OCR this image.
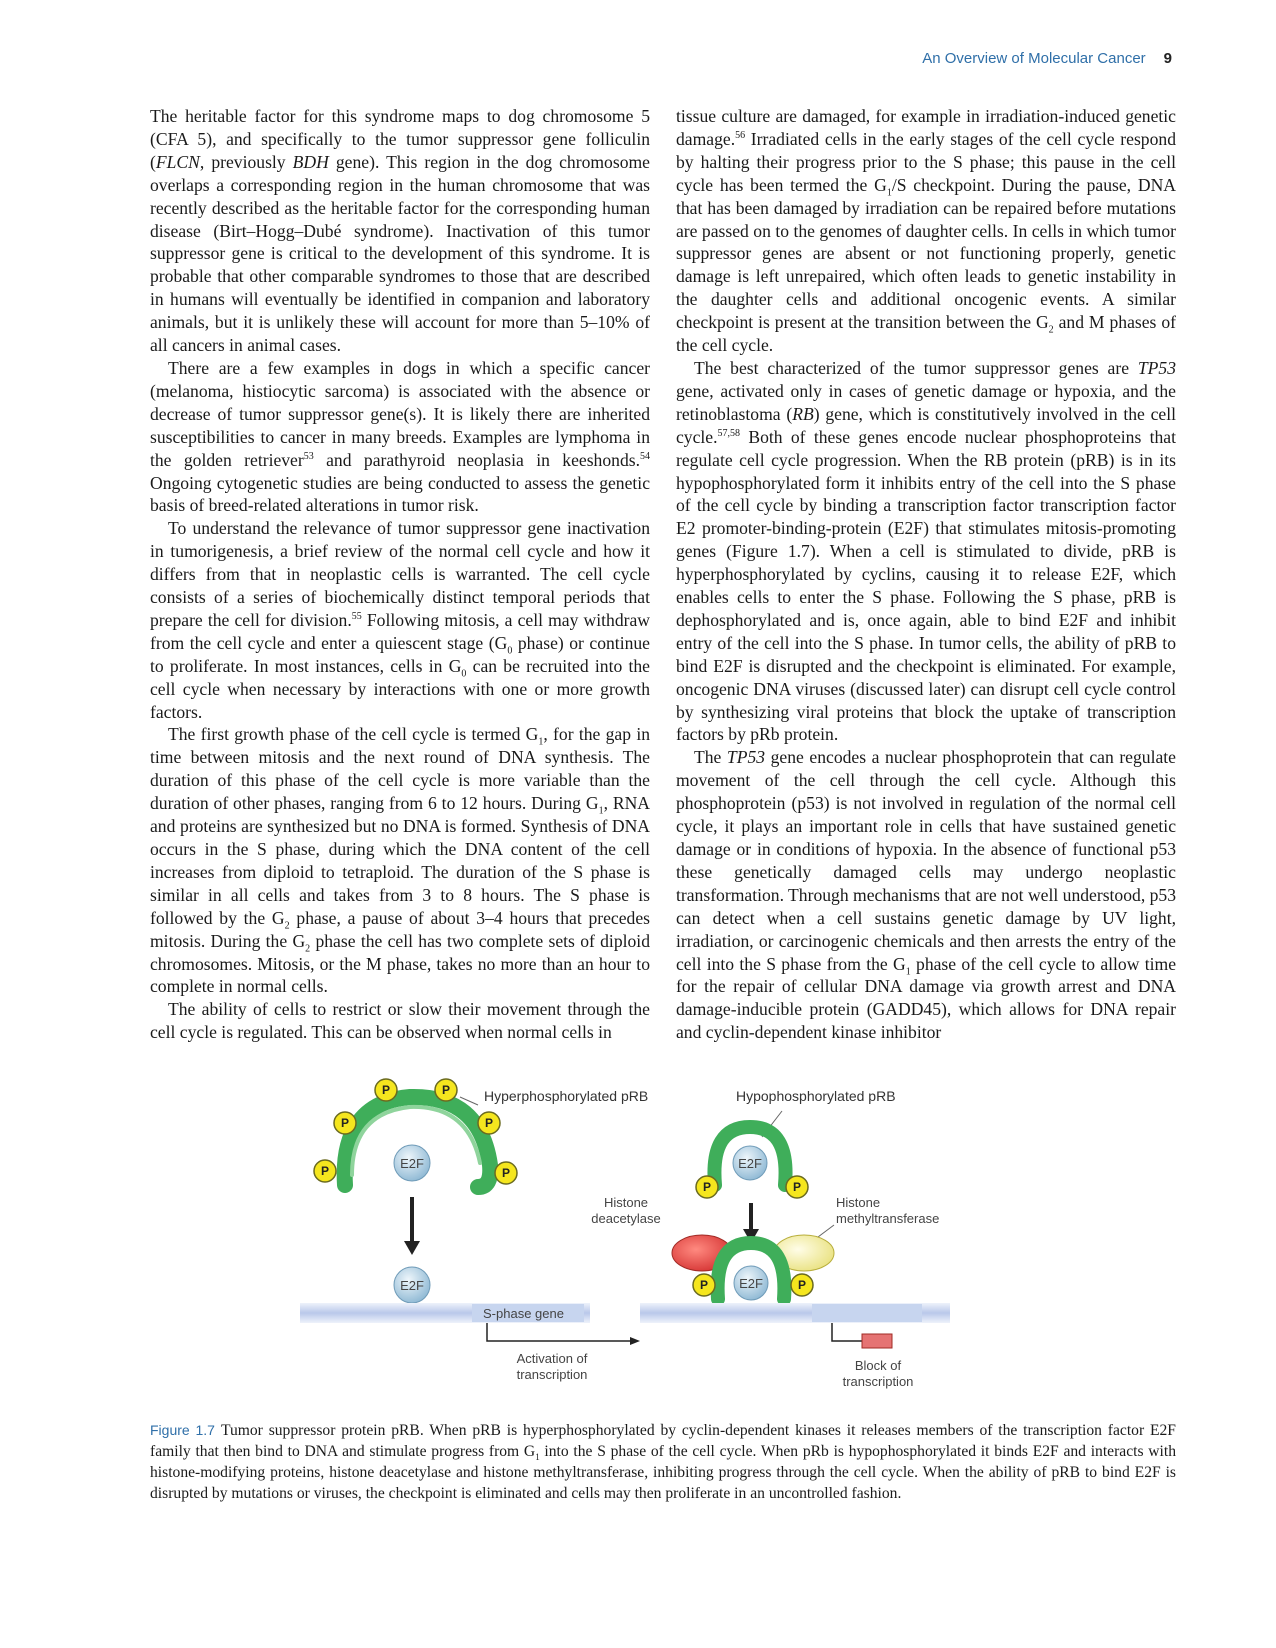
An Overview of Molecular Cancer 9

The heritable factor for this syndrome maps to dog chromosome 5 (CFA 5), and specifically to the tumor suppressor gene folliculin (FLCN, previously BDH gene). This region in the dog chromosome overlaps a corresponding region in the human chromosome that was recently described as the heritable factor for the corresponding human disease (Birt–Hogg–Dubé syndrome). Inactivation of this tumor suppressor gene is critical to the development of this syndrome. It is probable that other comparable syndromes to those that are described in humans will eventually be identified in companion and laboratory animals, but it is unlikely these will account for more than 5–10% of all cancers in animal cases.

There are a few examples in dogs in which a specific cancer (melanoma, histiocytic sarcoma) is associated with the absence or decrease of tumor suppressor gene(s). It is likely there are inherited susceptibilities to cancer in many breeds. Examples are lymphoma in the golden retriever$^{53}$ and parathyroid neoplasia in keeshonds.$^{54}$ Ongoing cytogenetic studies are being conducted to assess the genetic basis of breed-related alterations in tumor risk.

To understand the relevance of tumor suppressor gene inactivation in tumorigenesis, a brief review of the normal cell cycle and how it differs from that in neoplastic cells is warranted. The cell cycle consists of a series of biochemically distinct temporal periods that prepare the cell for division.$^{55}$ Following mitosis, a cell may withdraw from the cell cycle and enter a quiescent stage ($G_0$ phase) or continue to proliferate. In most instances, cells in $G_0$ can be recruited into the cell cycle when necessary by interactions with one or more growth factors.

The first growth phase of the cell cycle is termed $G_1$, for the gap in time between mitosis and the next round of DNA synthesis. The duration of this phase of the cell cycle is more variable than the duration of other phases, ranging from 6 to 12 hours. During $G_1$, RNA and proteins are synthesized but no DNA is formed. Synthesis of DNA occurs in the S phase, during which the DNA content of the cell increases from diploid to tetraploid. The duration of the S phase is similar in all cells and takes from 3 to 8 hours. The S phase is followed by the $G_2$ phase, a pause of about 3–4 hours that precedes mitosis. During the $G_2$ phase the cell has two complete sets of diploid chromosomes. Mitosis, or the M phase, takes no more than an hour to complete in normal cells.

The ability of cells to restrict or slow their movement through the cell cycle is regulated. This can be observed when normal cells in

tissue culture are damaged, for example in irradiation-induced genetic damage.$^{56}$ Irradiated cells in the early stages of the cell cycle respond by halting their progress prior to the S phase; this pause in the cell cycle has been termed the $G_1/S$ checkpoint. During the pause, DNA that has been damaged by irradiation can be repaired before mutations are passed on to the genomes of daughter cells. In cells in which tumor suppressor genes are absent or not functioning properly, genetic damage is left unrepaired, which often leads to genetic instability in the daughter cells and additional oncogenic events. A similar checkpoint is present at the transition between the $G_2$ and M phases of the cell cycle.

The best characterized of the tumor suppressor genes are TP53 gene, activated only in cases of genetic damage or hypoxia, and the retinoblastoma (RB) gene, which is constitutively involved in the cell cycle.$^{57,58}$ Both of these genes encode nuclear phosphoproteins that regulate cell cycle progression. When the RB protein (pRB) is in its hypophosphorylated form it inhibits entry of the cell into the S phase of the cell cycle by binding a transcription factor transcription factor E2 promoter-binding-protein (E2F) that stimulates mitosis-promoting genes (Figure 1.7). When a cell is stimulated to divide, pRB is hyperphosphorylated by cyclins, causing it to release E2F, which enables cells to enter the S phase. Following the S phase, pRB is dephosphorylated and is, once again, able to bind E2F and inhibit entry of the cell into the S phase. In tumor cells, the ability of pRB to bind E2F is disrupted and the checkpoint is eliminated. For example, oncogenic DNA viruses (discussed later) can disrupt cell cycle control by synthesizing viral proteins that block the uptake of transcription factors by pRb protein.

The TP53 gene encodes a nuclear phosphoprotein that can regulate movement of the cell through the cell cycle. Although this phosphoprotein (p53) is not involved in regulation of the normal cell cycle, it plays an important role in cells that have sustained genetic damage or in conditions of hypoxia. In the absence of functional p53 these genetically damaged cells may undergo neoplastic transformation. Through mechanisms that are not well understood, p53 can detect when a cell sustains genetic damage by UV light, irradiation, or carcinogenic chemicals and then arrests the entry of the cell into the S phase from the $G_1$ phase of the cell cycle to allow time for the repair of cellular DNA damage via growth arrest and DNA damage-inducible protein (GADD45), which allows for DNA repair and cyclin-dependent kinase inhibitor

P
P
P	P
P
P
Hyperphosphorylated pRB
E2F
E2F
S-phase gene
Activation of
transcription
Hypophosphorylated pRB
E2F
P	P
Histone
deacetylase
Histone
methyltransferase
E2F
P	P
Block of
transcription
Figure 1.7 Tumor suppressor protein pRB. When pRB is hyperphosphorylated by cyclin-dependent kinases it releases members of the transcription factor E2F family that then bind to DNA and stimulate progress from $G_1$ into the S phase of the cell cycle. When pRb is hypophosphorylated it binds E2F and interacts with histone-modifying proteins, histone deacetylase and histone methyltransferase, inhibiting progress through the cell cycle. When the ability of pRB to bind E2F is disrupted by mutations or viruses, the checkpoint is eliminated and cells may then proliferate in an uncontrolled fashion.
